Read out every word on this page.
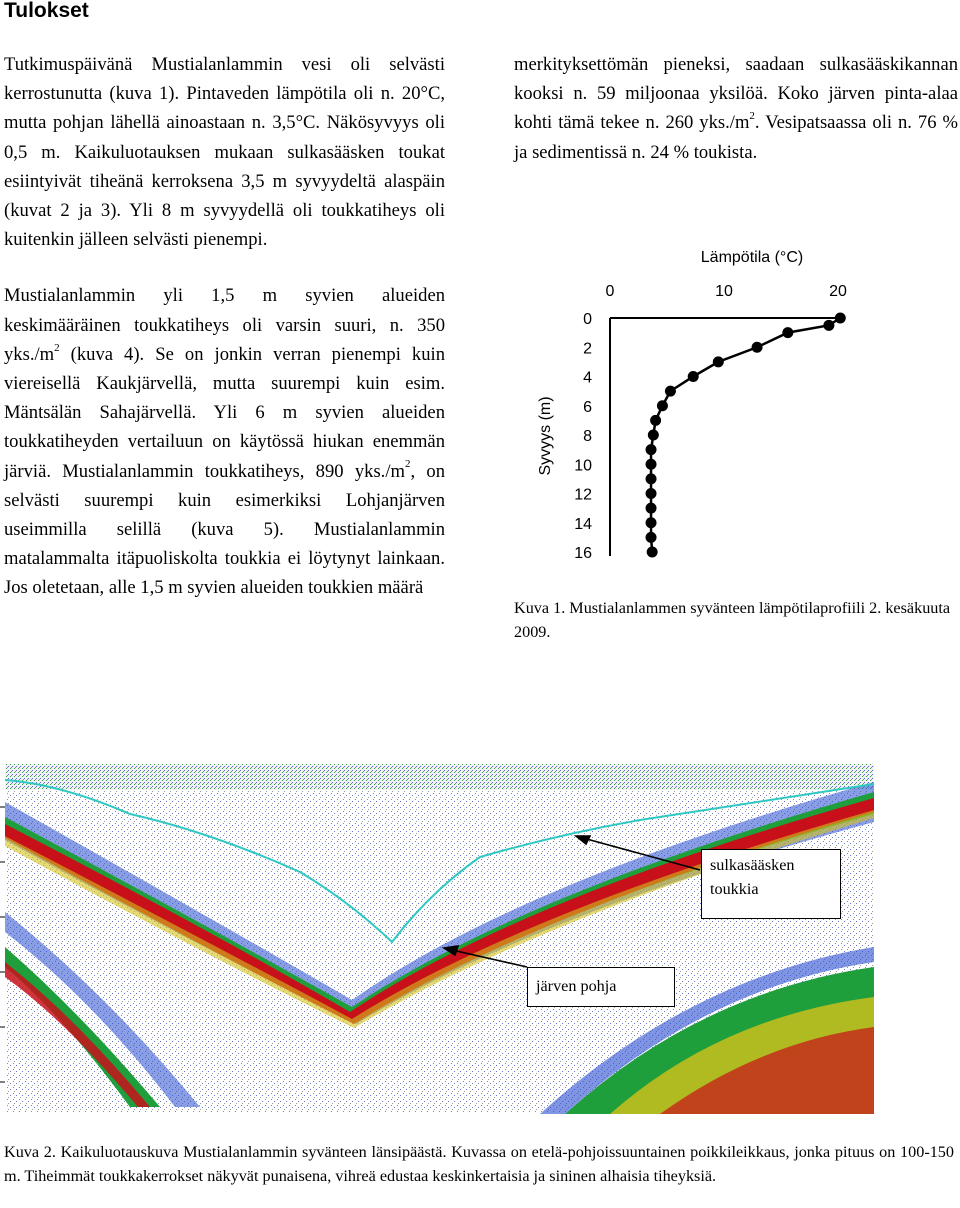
Tulokset

Tutkimuspäivänä Mustialanlammin vesi oli selvästi kerrostunutta (kuva 1). Pintaveden lämpötila oli n. 20°C, mutta pohjan lähellä ainoastaan n. 3,5°C. Näkösyvyys oli 0,5 m. Kaikuluotauksen mukaan sulkasääsken toukat esiintyivät tiheänä kerroksena 3,5 m syvyydeltä alaspäin (kuvat 2 ja 3). Yli 8 m syvyydellä oli toukkatiheys oli kuitenkin jälleen selvästi pienempi.

Mustialanlammin yli 1,5 m syvien alueiden keskimääräinen toukkatiheys oli varsin suuri, n. 350 $yks./m^2$ (kuva 4). Se on jonkin verran pienempi kuin viereisellä Kaukjärvellä, mutta suurempi kuin esim. Mäntsälän Sahajärvellä. Yli 6 m syvien alueiden toukkatiheyden vertailuun on käytössä hiukan enemmän järviä. Mustialanlammin toukkatiheys, 890 $yks./m^2$, on selvästi suurempi kuin esimerkiksi Lohjanjärven useimmilla selillä (kuva 5). Mustialanlammin matalammalta itäpuoliskolta toukkia ei löytynyt lainkaan. Jos oletetaan, alle 1,5 m syvien alueiden toukkien määrä

merkityksettömän pieneksi, saadaan sulkasääskikannan kooksi n. 59 miljoonaa yksilöä. Koko järven pinta-alaa kohti tämä tekee n. 260 $yks./m^2$. Vesipatsaassa oli n. 76 % ja sedimentissä n. 24 % toukista.

Lämpötila (°C)
Syvyys (m)
0	10	20
0
2
4
6
8
10
12
14
16

Kuva 1. Mustialanlammen syvänteen lämpötilaprofiili 2. kesäkuuta 2009.

sulkasääsken toukkia
järven pohja

Kuva 2. Kaikuluotauskuva Mustialanlammin syvänteen länsipäästä. Kuvassa on etelä-pohjoissuuntainen poikkileikkaus, jonka pituus on 100-150 m. Tiheimmät toukkakerrokset näkyvät punaisena, vihreä edustaa keskinkertaisia ja sininen alhaisia tiheyksiä.
